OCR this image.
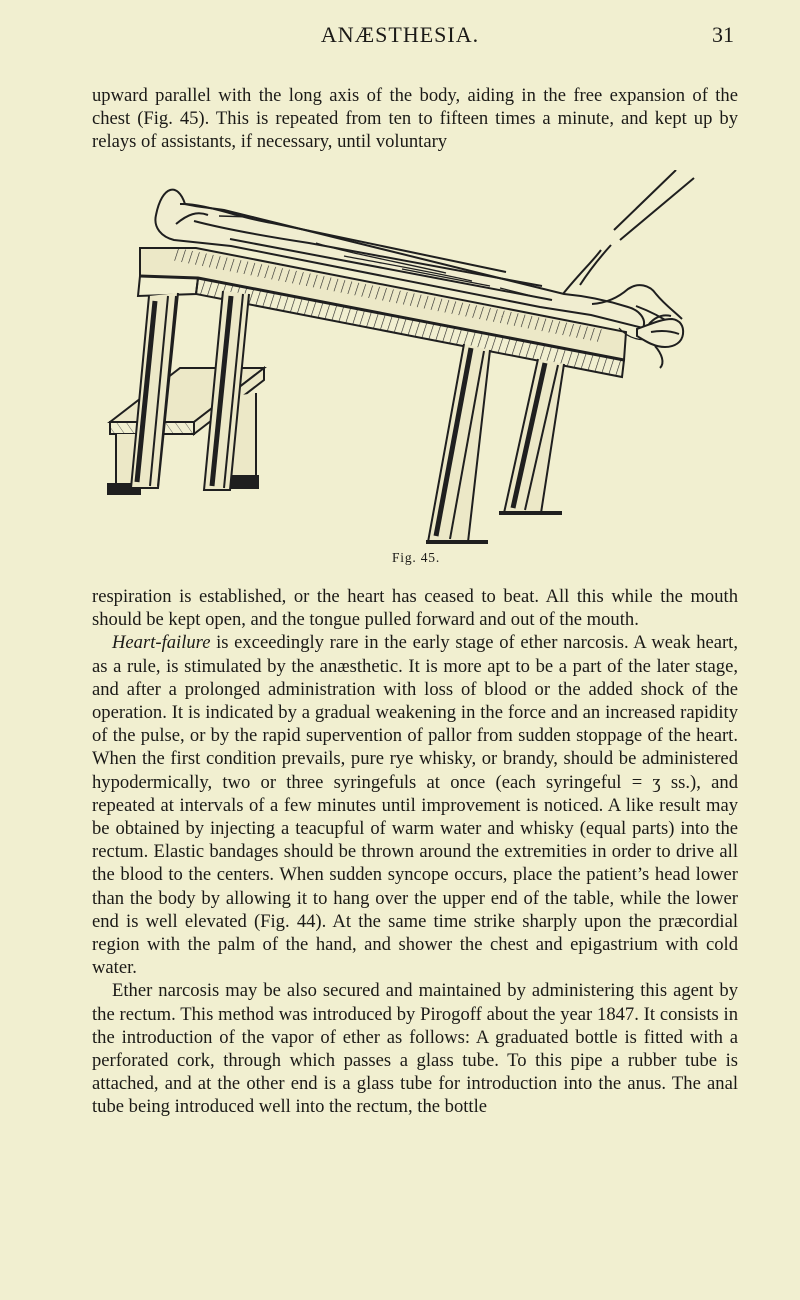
ANÆSTHESIA.	31

upward parallel with the long axis of the body, aiding in the free expansion of the chest (Fig. 45). This is repeated from ten to fifteen times a minute, and kept up by relays of assistants, if necessary, until voluntary

Fig. 45.

respiration is established, or the heart has ceased to beat. All this while the mouth should be kept open, and the tongue pulled forward and out of the mouth.

Heart-failure is exceedingly rare in the early stage of ether narcosis. A weak heart, as a rule, is stimulated by the anæsthetic. It is more apt to be a part of the later stage, and after a prolonged administration with loss of blood or the added shock of the operation. It is indicated by a gradual weakening in the force and an increased rapidity of the pulse, or by the rapid supervention of pallor from sudden stoppage of the heart. When the first condition prevails, pure rye whisky, or brandy, should be administered hypodermically, two or three syringefuls at once (each syringeful = ʒ ss.), and repeated at intervals of a few minutes until improvement is noticed. A like result may be obtained by injecting a teacupful of warm water and whisky (equal parts) into the rectum. Elastic bandages should be thrown around the extremities in order to drive all the blood to the centers. When sudden syncope occurs, place the patient’s head lower than the body by allowing it to hang over the upper end of the table, while the lower end is well elevated (Fig. 44). At the same time strike sharply upon the præcordial region with the palm of the hand, and shower the chest and epigastrium with cold water.

Ether narcosis may be also secured and maintained by administering this agent by the rectum. This method was introduced by Pirogoff about the year 1847. It consists in the introduction of the vapor of ether as follows: A graduated bottle is fitted with a perforated cork, through which passes a glass tube. To this pipe a rubber tube is attached, and at the other end is a glass tube for introduction into the anus. The anal tube being introduced well into the rectum, the bottle
